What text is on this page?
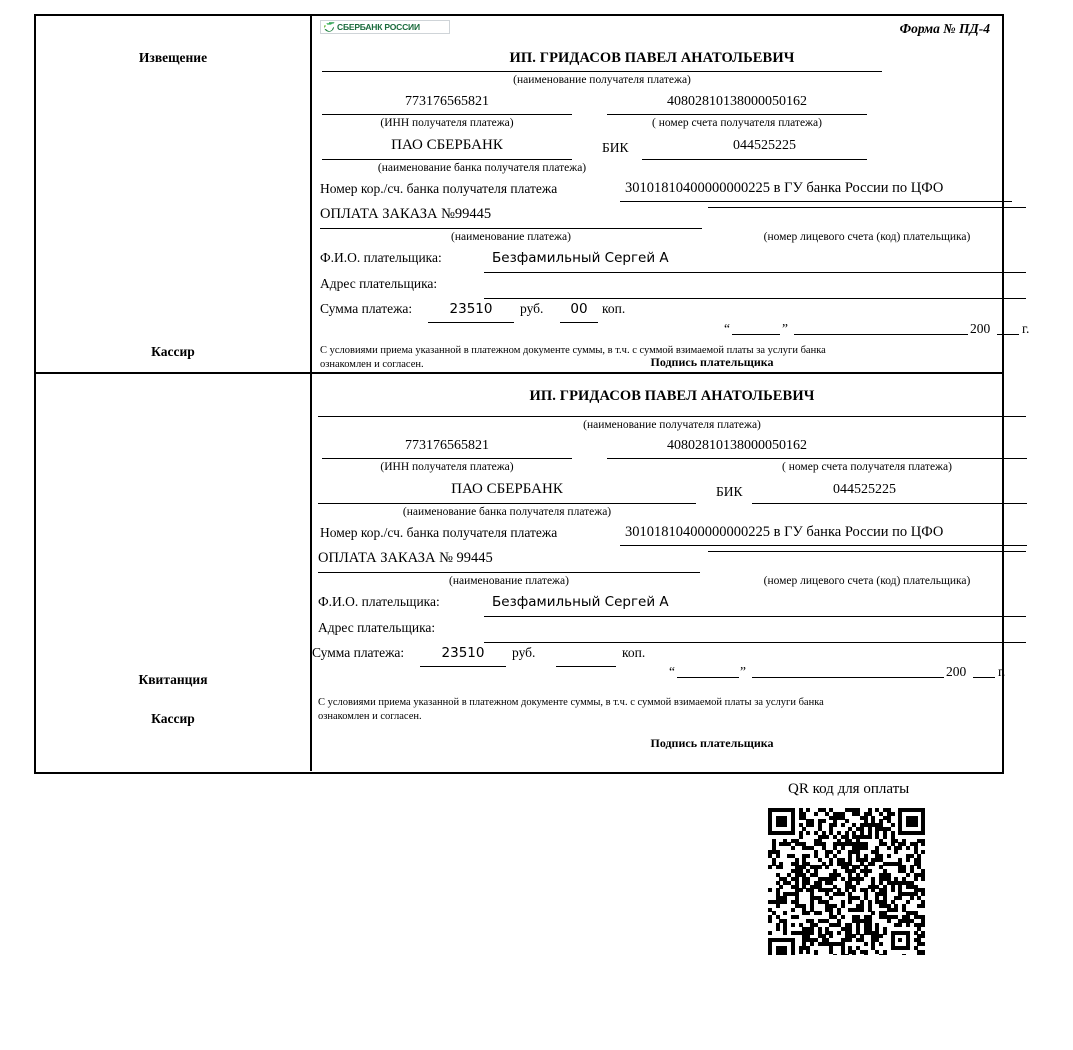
Извещение
Кассир
СБЕРБАНК РОССИИ	Форма № ПД-4
ИП. ГРИДАСОВ ПАВЕЛ АНАТОЛЬЕВИЧ
(наименование получателя платежа)
773176565821
(ИНН получателя платежа)
40802810138000050162
( номер счета получателя платежа)
ПАО СБЕРБАНК
(наименование банка получателя платежа)
БИК	044525225
Номер кор./сч. банка получателя платежа	30101810400000000225 в ГУ банка России по ЦФО
ОПЛАТА ЗАКАЗА №99445
(наименование платежа)	(номер лицевого счета (код) плательщика)
Ф.И.О. плательщика:	Безфамильный Сергей А
Адрес плательщика:
Сумма платежа:	23510	руб.	00	коп.
“	”	200 г.
С условиями приема указанной в платежном документе суммы, в т.ч. с суммой взимаемой платы за услуги банка
ознакомлен и согласен.	Подпись плательщика
Квитанция
Кассир
ИП. ГРИДАСОВ ПАВЕЛ АНАТОЛЬЕВИЧ
(наименование получателя платежа)
773176565821
(ИНН получателя платежа)
40802810138000050162
( номер счета получателя платежа)
ПАО СБЕРБАНК
(наименование банка получателя платежа)
БИК	044525225
Номер кор./сч. банка получателя платежа	30101810400000000225 в ГУ банка России по ЦФО
ОПЛАТА ЗАКАЗА № 99445
(наименование платежа)	(номер лицевого счета (код) плательщика)
Ф.И.О. плательщика:	Безфамильный Сергей А
Адрес плательщика:
Сумма платежа:	23510	руб.	коп.
“	”	200 г.
С условиями приема указанной в платежном документе суммы, в т.ч. с суммой взимаемой платы за услуги банка
ознакомлен и согласен.
Подпись плательщика
QR код для оплаты
